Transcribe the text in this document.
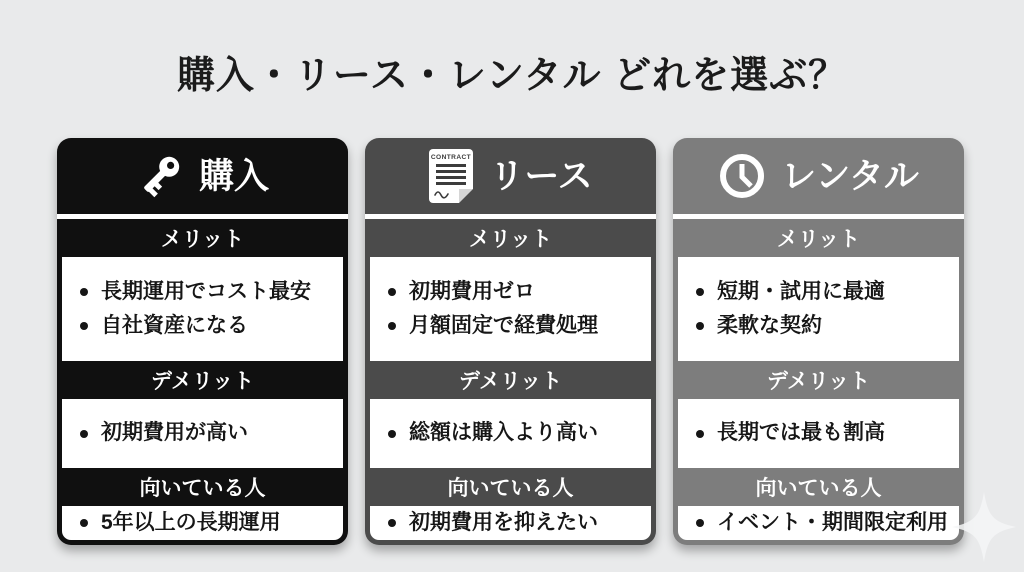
購入・リース・レンタル どれを選ぶ？
購入
メリット
長期運用でコスト最安
自社資産になる
デメリット
初期費用が高い
向いている人
5年以上の長期運用
CONTRACT リース
メリット
初期費用ゼロ
月額固定で経費処理
デメリット
総額は購入より高い
向いている人
初期費用を抑えたい
レンタル
メリット
短期・試用に最適
柔軟な契約
デメリット
長期では最も割高
向いている人
イベント・期間限定利用
